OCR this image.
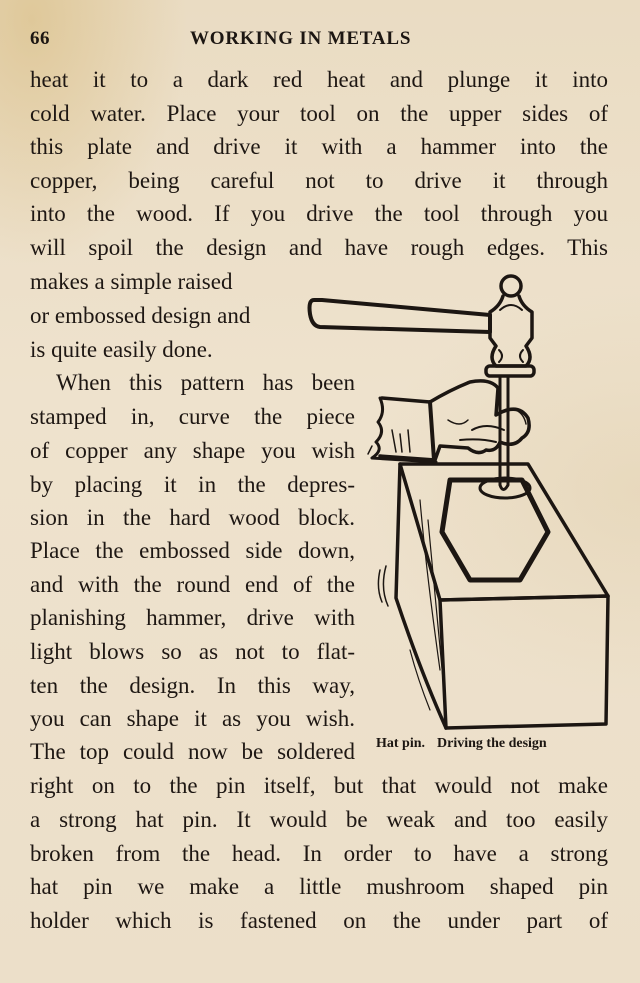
66	WORKING IN METALS
heat it to a dark red heat and plunge it into
cold water. Place your tool on the upper sides of
this plate and drive it with a hammer into the
copper, being careful not to drive it through
into the wood. If you drive the tool through you
will spoil the design and have rough edges. This
makes a simple raised
or embossed design and
is quite easily done.
When this pattern has been
stamped in, curve the piece
of copper any shape you wish
by placing it in the depres-
sion in the hard wood block.
Place the embossed side down,
and with the round end of the
planishing hammer, drive with
light blows so as not to flat-
ten the design. In this way,
you can shape it as you wish.
The top could now be soldered
right on to the pin itself, but that would not make
a strong hat pin. It would be weak and too easily
broken from the head. In order to have a strong
hat pin we make a little mushroom shaped pin
holder which is fastened on the under part of
Hat pin. Driving the design
